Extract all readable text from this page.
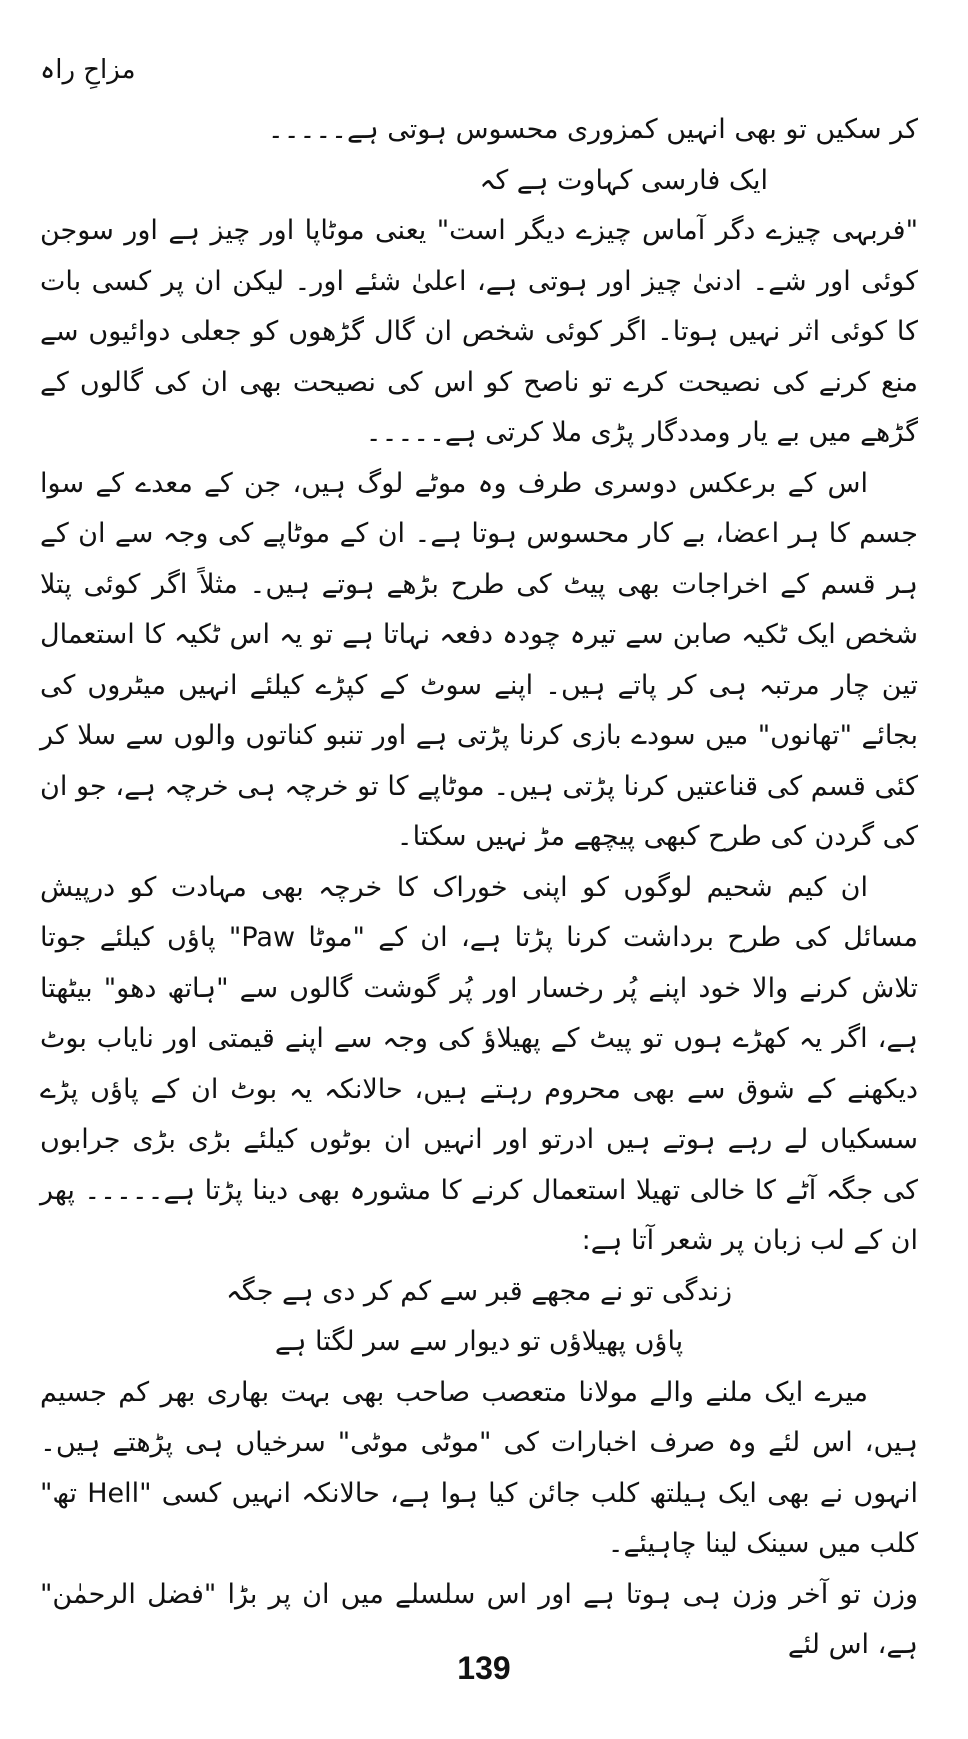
مزاحِ راہ

کر سکیں تو بھی انہیں کمزوری محسوس ہوتی ہے۔۔۔۔۔

ایک فارسی کہاوت ہے کہ

"فربہی چیزے دگر آماس چیزے دیگر است" یعنی موٹاپا اور چیز ہے اور سوجن کوئی اور شے۔ ادنیٰ چیز اور ہوتی ہے، اعلیٰ شئے اور۔ لیکن ان پر کسی بات کا کوئی اثر نہیں ہوتا۔ اگر کوئی شخص ان گال گڑھوں کو جعلی دوائیوں سے منع کرنے کی نصیحت کرے تو ناصح کو اس کی نصیحت بھی ان کی گالوں کے گڑھے میں بے یار ومددگار پڑی ملا کرتی ہے۔۔۔۔۔

اس کے برعکس دوسری طرف وہ موٹے لوگ ہیں، جن کے معدے کے سوا جسم کا ہر اعضا، بے کار محسوس ہوتا ہے۔ ان کے موٹاپے کی وجہ سے ان کے ہر قسم کے اخراجات بھی پیٹ کی طرح بڑھے ہوتے ہیں۔ مثلاً اگر کوئی پتلا شخص ایک ٹکیہ صابن سے تیرہ چودہ دفعہ نہاتا ہے تو یہ اس ٹکیہ کا استعمال تین چار مرتبہ ہی کر پاتے ہیں۔ اپنے سوٹ کے کپڑے کیلئے انہیں میٹروں کی بجائے "تھانوں" میں سودے بازی کرنا پڑتی ہے اور تنبو کناتوں والوں سے سلا کر کئی قسم کی قناعتیں کرنا پڑتی ہیں۔ موٹاپے کا تو خرچہ ہی خرچہ ہے، جو ان کی گردن کی طرح کبھی پیچھے مڑ نہیں سکتا۔

ان کیم شحیم لوگوں کو اپنی خوراک کا خرچہ بھی مہادت کو درپیش مسائل کی طرح برداشت کرنا پڑتا ہے، ان کے "موٹا Paw" پاؤں کیلئے جوتا تلاش کرنے والا خود اپنے پُر رخسار اور پُر گوشت گالوں سے "ہاتھ دھو" بیٹھتا ہے، اگر یہ کھڑے ہوں تو پیٹ کے پھیلاؤ کی وجہ سے اپنے قیمتی اور نایاب بوٹ دیکھنے کے شوق سے بھی محروم رہتے ہیں، حالانکہ یہ بوٹ ان کے پاؤں پڑے سسکیاں لے رہے ہوتے ہیں ادرتو اور انہیں ان بوٹوں کیلئے بڑی بڑی جرابوں کی جگہ آٹے کا خالی تھیلا استعمال کرنے کا مشورہ بھی دینا پڑتا ہے۔۔۔۔۔ پھر ان کے لب زبان پر شعر آتا ہے:

زندگی تو نے مجھے قبر سے کم کر دی ہے جگہ

پاؤں پھیلاؤں تو دیوار سے سر لگتا ہے

میرے ایک ملنے والے مولانا متعصب صاحب بھی بہت بھاری بھر کم جسیم ہیں، اس لئے وہ صرف اخبارات کی "موٹی موٹی" سرخیاں ہی پڑھتے ہیں۔ انہوں نے بھی ایک ہیلتھ کلب جائن کیا ہوا ہے، حالانکہ انہیں کسی "Hell تھ" کلب میں سینک لینا چاہیئے۔

وزن تو آخر وزن ہی ہوتا ہے اور اس سلسلے میں ان پر بڑا "فضل الرحمٰن" ہے، اس لئے

139
